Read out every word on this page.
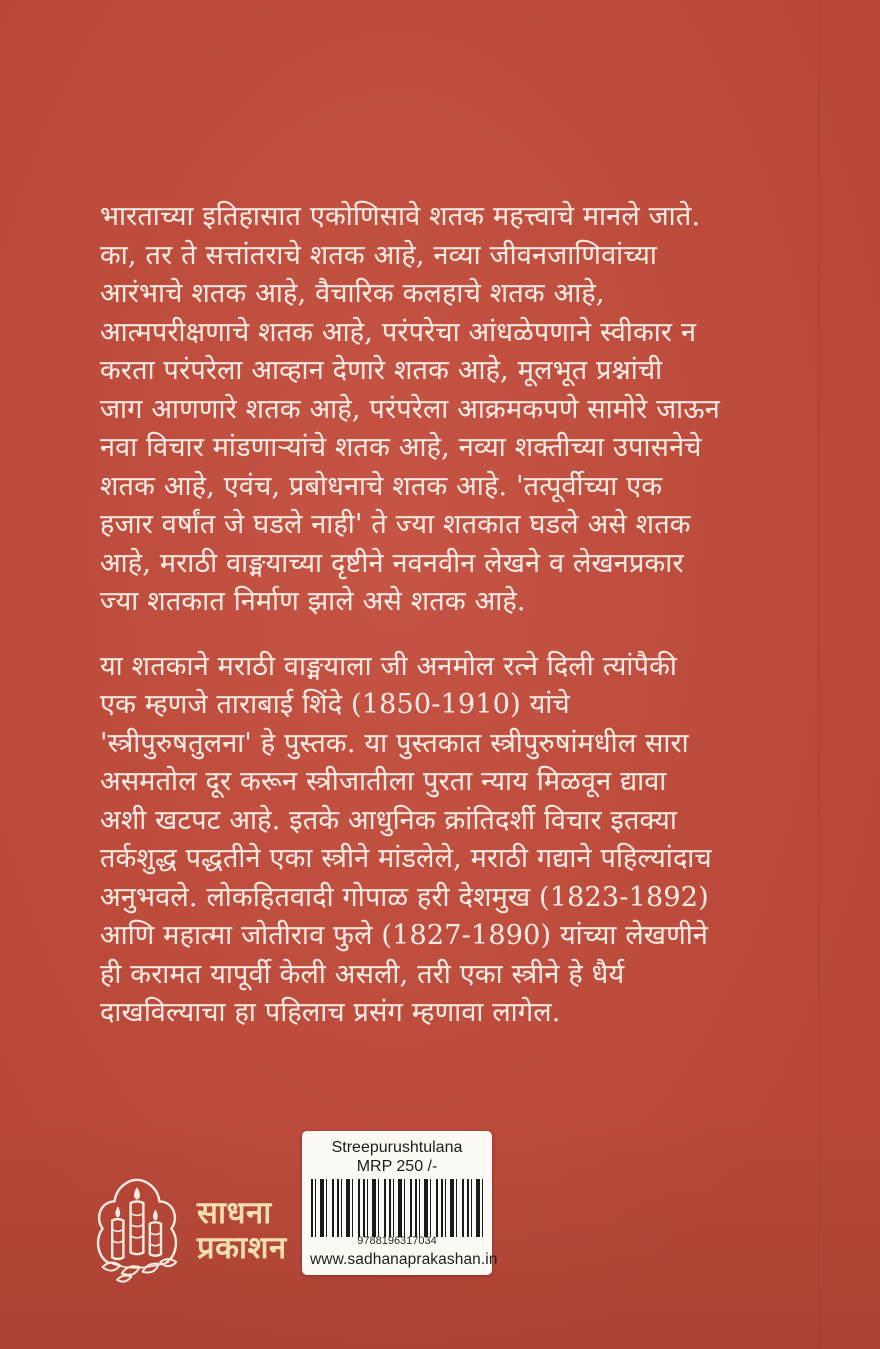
भारताच्या इतिहासात एकोणिसावे शतक महत्त्वाचे मानले जाते.
का, तर ते सत्तांतराचे शतक आहे, नव्या जीवनजाणिवांच्या
आरंभाचे शतक आहे, वैचारिक कलहाचे शतक आहे,
आत्मपरीक्षणाचे शतक आहे, परंपरेचा आंधळेपणाने स्वीकार न
करता परंपरेला आव्हान देणारे शतक आहे, मूलभूत प्रश्नांची
जाग आणणारे शतक आहे, परंपरेला आक्रमकपणे सामोरे जाऊन
नवा विचार मांडणाऱ्यांचे शतक आहे, नव्या शक्तीच्या उपासनेचे
शतक आहे, एवंच, प्रबोधनाचे शतक आहे. 'तत्पूर्वीच्या एक
हजार वर्षांत जे घडले नाही' ते ज्या शतकात घडले असे शतक
आहे, मराठी वाङ्मयाच्या दृष्टीने नवनवीन लेखने व लेखनप्रकार
ज्या शतकात निर्माण झाले असे शतक आहे.
या शतकाने मराठी वाङ्मयाला जी अनमोल रत्ने दिली त्यांपैकी
एक म्हणजे ताराबाई शिंदे (1850-1910) यांचे
'स्त्रीपुरुषतुलना' हे पुस्तक. या पुस्तकात स्त्रीपुरुषांमधील सारा
असमतोल दूर करून स्त्रीजातीला पुरता न्याय मिळवून द्यावा
अशी खटपट आहे. इतके आधुनिक क्रांतिदर्शी विचार इतक्या
तर्कशुद्ध पद्धतीने एका स्त्रीने मांडलेले, मराठी गद्याने पहिल्यांदाच
अनुभवले. लोकहितवादी गोपाळ हरी देशमुख (1823-1892)
आणि महात्मा जोतीराव फुले (1827-1890) यांच्या लेखणीने
ही करामत यापूर्वी केली असली, तरी एका स्त्रीने हे धैर्य
दाखविल्याचा हा पहिलाच प्रसंग म्हणावा लागेल.
साधना
प्रकाशन
Streepurushtulana
MRP 250 /-
9788196317034
www.sadhanaprakashan.in
